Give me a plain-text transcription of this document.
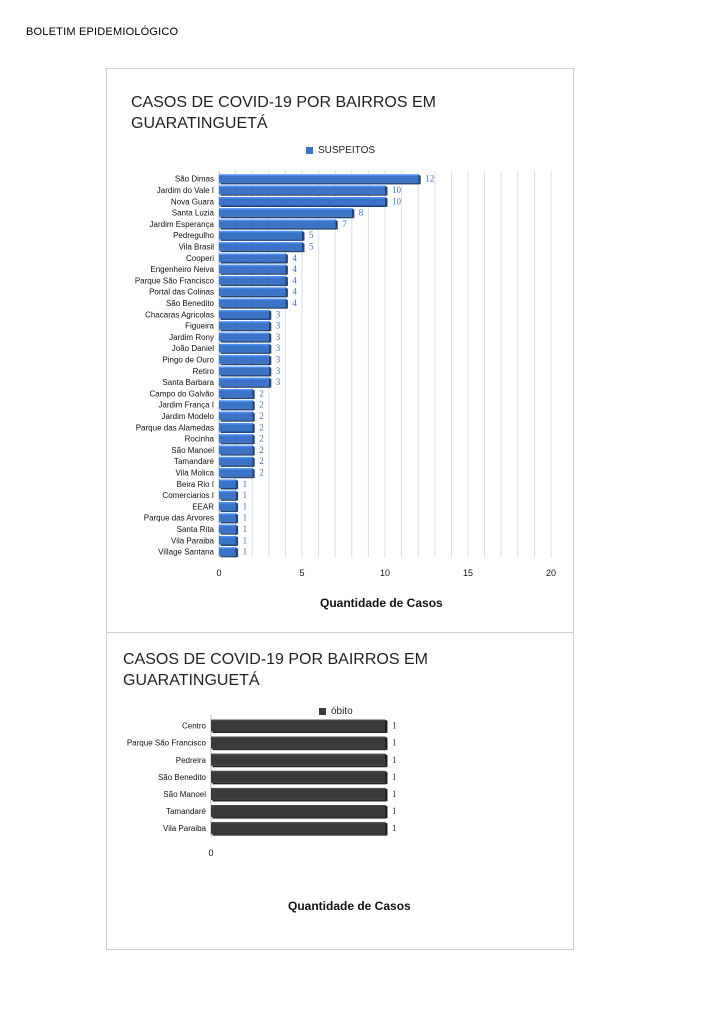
BOLETIM EPIDEMIOLÓGICO
CASOS DE COVID-19 POR BAIRROS EM GUARATINGUETÁ
SUSPEITOS
São Dimas	12
Jardim do Vale I	10
Nova Guara	10
Santa Luzia	8
Jardim Esperança	7
Pedregulho	5
Vila Brasil	5
Cooperi	4
Engenheiro Neiva	4
Parque São Francisco	4
Portal das Colinas	4
São Benedito	4
Chacaras Agricolas	3
Figueira	3
Jardim Rony	3
João Daniel	3
Pingo de Ouro	3
Retiro	3
Santa Barbara	3
Campo do Galvão	2
Jardim França I	2
Jardim Modelo	2
Parque das Alamedas	2
Rocinha	2
São Manoel	2
Tamandaré	2
Vila Molica	2
Beira Rio I	1
Comerciarios I	1
EEAR	1
Parque das Arvores	1
Santa Rita	1
Vila Paraiba	1
Village Santana	1
0	5	10	15	20
Quantidade de Casos
CASOS DE COVID-19 POR BAIRROS EM GUARATINGUETÁ
óbito
Centro	1
Parque São Francisco	1
Pedreira	1
São Benedito	1
São Manoel	1
Tamandaré	1
Vila Paraiba	1
0
Quantidade de Casos
